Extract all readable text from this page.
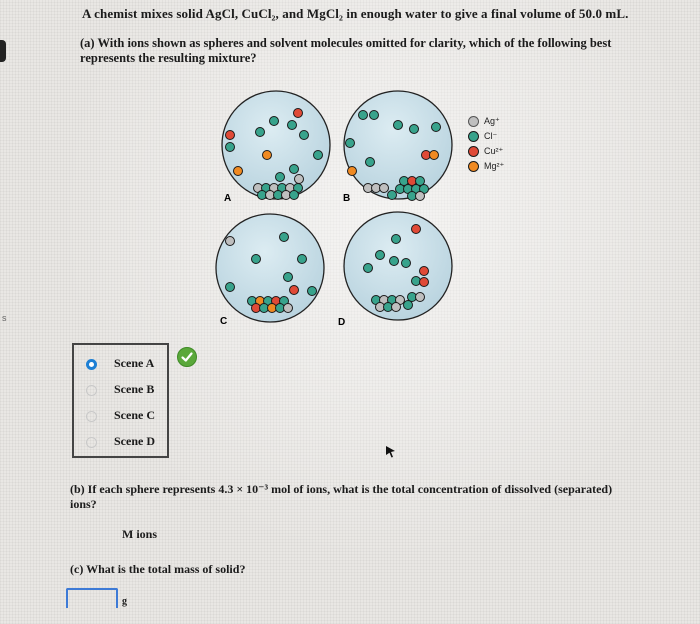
s
A chemist mixes solid AgCl, CuCl₂, and MgCl₂ in enough water to give a final volume of 50.0 mL.
(a) With ions shown as spheres and solvent molecules omitted for clarity, which of the following best represents the resulting mixture?
A	B
C	D
Ag⁺
Cl⁻
Cu²⁺
Mg²⁺
Scene A
Scene B
Scene C
Scene D
(b) If each sphere represents 4.3 × 10⁻³ mol of ions, what is the total concentration of dissolved (separated) ions?
M ions
(c) What is the total mass of solid?
g
